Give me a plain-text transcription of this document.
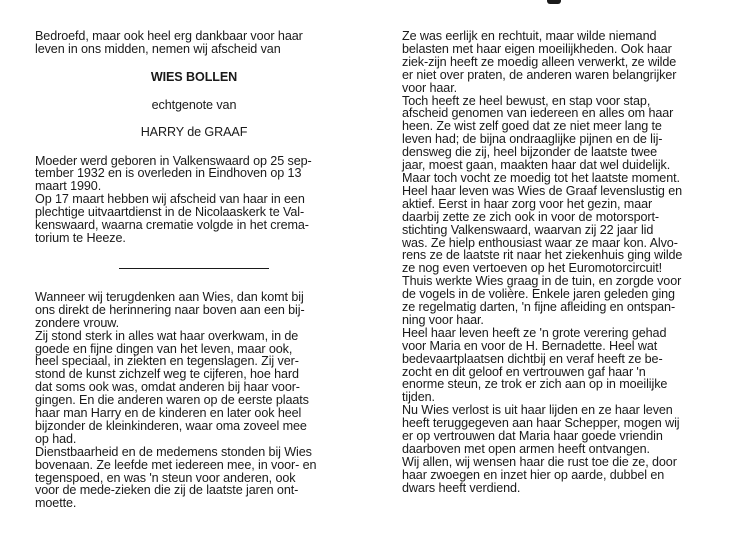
Bedroefd, maar ook heel erg dankbaar voor haar
leven in ons midden, nemen wij afscheid van

WIES BOLLEN

echtgenote van

HARRY de GRAAF

Moeder werd geboren in Valkenswaard op 25 sep-
tember 1932 en is overleden in Eindhoven op 13
maart 1990.

Op 17 maart hebben wij afscheid van haar in een
plechtige uitvaartdienst in de Nicolaaskerk te Val-
kenswaard, waarna crematie volgde in het crema-
torium te Heeze.

Wanneer wij terugdenken aan Wies, dan komt bij
ons direkt de herinnering naar boven aan een bij-
zondere vrouw.

Zij stond sterk in alles wat haar overkwam, in de
goede en fijne dingen van het leven, maar ook,
heel speciaal, in ziekten en tegenslagen. Zij ver-
stond de kunst zichzelf weg te cijferen, hoe hard
dat soms ook was, omdat anderen bij haar voor-
gingen. En die anderen waren op de eerste plaats
haar man Harry en de kinderen en later ook heel
bijzonder de kleinkinderen, waar oma zoveel mee
op had.

Dienstbaarheid en de medemens stonden bij Wies
bovenaan. Ze leefde met iedereen mee, in voor- en
tegenspoed, en was 'n steun voor anderen, ook
voor de mede-zieken die zij de laatste jaren ont-
moette.

Ze was eerlijk en rechtuit, maar wilde niemand
belasten met haar eigen moeilijkheden. Ook haar
ziek-zijn heeft ze moedig alleen verwerkt, ze wilde
er niet over praten, de anderen waren belangrijker
voor haar.

Toch heeft ze heel bewust, en stap voor stap,
afscheid genomen van iedereen en alles om haar
heen. Ze wist zelf goed dat ze niet meer lang te
leven had; de bijna ondraaglijke pijnen en de lij-
densweg die zij, heel bijzonder de laatste twee
jaar, moest gaan, maakten haar dat wel duidelijk.
Maar toch vocht ze moedig tot het laatste moment.

Heel haar leven was Wies de Graaf levenslustig en
aktief. Eerst in haar zorg voor het gezin, maar
daarbij zette ze zich ook in voor de motorsport-
stichting Valkenswaard, waarvan zij 22 jaar lid
was. Ze hielp enthousiast waar ze maar kon. Alvo-
rens ze de laatste rit naar het ziekenhuis ging wilde
ze nog even vertoeven op het Euromotorcircuit!

Thuis werkte Wies graag in de tuin, en zorgde voor
de vogels in de volière. Enkele jaren geleden ging
ze regelmatig darten, 'n fijne afleiding en ontspan-
ning voor haar.

Heel haar leven heeft ze 'n grote verering gehad
voor Maria en voor de H. Bernadette. Heel wat
bedevaartplaatsen dichtbij en veraf heeft ze be-
zocht en dit geloof en vertrouwen gaf haar 'n
enorme steun, ze trok er zich aan op in moeilijke
tijden.

Nu Wies verlost is uit haar lijden en ze haar leven
heeft teruggegeven aan haar Schepper, mogen wij
er op vertrouwen dat Maria haar goede vriendin
daarboven met open armen heeft ontvangen.

Wij allen, wij wensen haar die rust toe die ze, door
haar zwoegen en inzet hier op aarde, dubbel en
dwars heeft verdiend.
